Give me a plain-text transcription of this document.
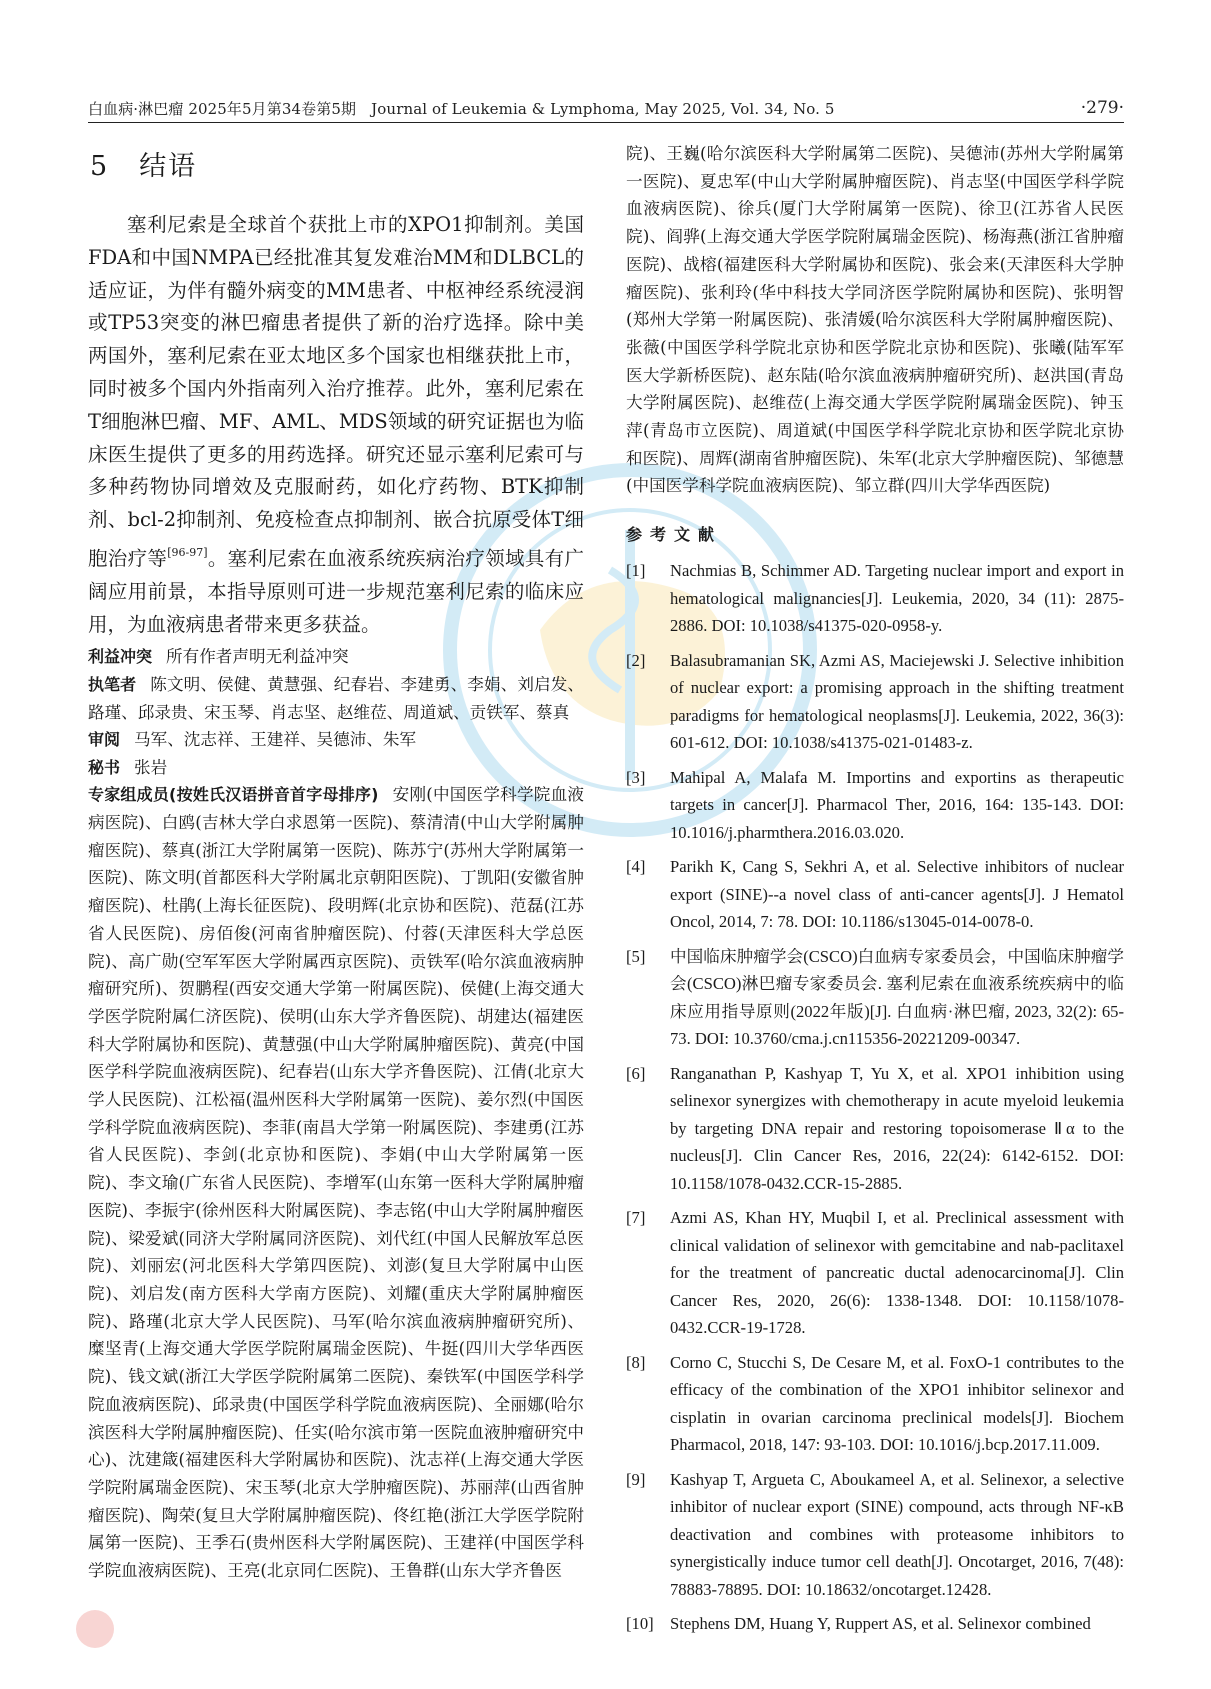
白血病·淋巴瘤 2025年5月第34卷第5期　Journal of Leukemia & Lymphoma, May 2025, Vol. 34, No. 5	·279·
5 结语

塞利尼索是全球首个获批上市的XPO1抑制剂。美国FDA和中国NMPA已经批准其复发难治MM和DLBCL的适应证，为伴有髓外病变的MM患者、中枢神经系统浸润或TP53突变的淋巴瘤患者提供了新的治疗选择。除中美两国外，塞利尼索在亚太地区多个国家也相继获批上市，同时被多个国内外指南列入治疗推荐。此外，塞利尼索在T细胞淋巴瘤、MF、AML、MDS领域的研究证据也为临床医生提供了更多的用药选择。研究还显示塞利尼索可与多种药物协同增效及克服耐药，如化疗药物、BTK抑制剂、bcl-2抑制剂、免疫检查点抑制剂、嵌合抗原受体T细胞治疗等[96-97]。塞利尼索在血液系统疾病治疗领域具有广阔应用前景，本指导原则可进一步规范塞利尼索的临床应用，为血液病患者带来更多获益。

利益冲突 所有作者声明无利益冲突

执笔者 陈文明、侯健、黄慧强、纪春岩、李建勇、李娟、刘启发、路瑾、邱录贵、宋玉琴、肖志坚、赵维莅、周道斌、贡铁军、蔡真

审阅 马军、沈志祥、王建祥、吴德沛、朱军

秘书 张岩

专家组成员(按姓氏汉语拼音首字母排序) 安刚(中国医学科学院血液病医院)、白鸥(吉林大学白求恩第一医院)、蔡清清(中山大学附属肿瘤医院)、蔡真(浙江大学附属第一医院)、陈苏宁(苏州大学附属第一医院)、陈文明(首都医科大学附属北京朝阳医院)、丁凯阳(安徽省肿瘤医院)、杜鹃(上海长征医院)、段明辉(北京协和医院)、范磊(江苏省人民医院)、房佰俊(河南省肿瘤医院)、付蓉(天津医科大学总医院)、高广勋(空军军医大学附属西京医院)、贡铁军(哈尔滨血液病肿瘤研究所)、贺鹏程(西安交通大学第一附属医院)、侯健(上海交通大学医学院附属仁济医院)、侯明(山东大学齐鲁医院)、胡建达(福建医科大学附属协和医院)、黄慧强(中山大学附属肿瘤医院)、黄亮(中国医学科学院血液病医院)、纪春岩(山东大学齐鲁医院)、江倩(北京大学人民医院)、江松福(温州医科大学附属第一医院)、姜尔烈(中国医学科学院血液病医院)、李菲(南昌大学第一附属医院)、李建勇(江苏省人民医院)、李剑(北京协和医院)、李娟(中山大学附属第一医院)、李文瑜(广东省人民医院)、李增军(山东第一医科大学附属肿瘤医院)、李振宇(徐州医科大附属医院)、李志铭(中山大学附属肿瘤医院)、梁爱斌(同济大学附属同济医院)、刘代红(中国人民解放军总医院)、刘丽宏(河北医科大学第四医院)、刘澎(复旦大学附属中山医院)、刘启发(南方医科大学南方医院)、刘耀(重庆大学附属肿瘤医院)、路瑾(北京大学人民医院)、马军(哈尔滨血液病肿瘤研究所)、糜坚青(上海交通大学医学院附属瑞金医院)、牛挺(四川大学华西医院)、钱文斌(浙江大学医学院附属第二医院)、秦铁军(中国医学科学院血液病医院)、邱录贵(中国医学科学院血液病医院)、全丽娜(哈尔滨医科大学附属肿瘤医院)、任实(哈尔滨市第一医院血液肿瘤研究中心)、沈建箴(福建医科大学附属协和医院)、沈志祥(上海交通大学医学院附属瑞金医院)、宋玉琴(北京大学肿瘤医院)、苏丽萍(山西省肿瘤医院)、陶荣(复旦大学附属肿瘤医院)、佟红艳(浙江大学医学院附属第一医院)、王季石(贵州医科大学附属医院)、王建祥(中国医学科学院血液病医院)、王亮(北京同仁医院)、王鲁群(山东大学齐鲁医

院)、王巍(哈尔滨医科大学附属第二医院)、吴德沛(苏州大学附属第一医院)、夏忠军(中山大学附属肿瘤医院)、肖志坚(中国医学科学院血液病医院)、徐兵(厦门大学附属第一医院)、徐卫(江苏省人民医院)、阎骅(上海交通大学医学院附属瑞金医院)、杨海燕(浙江省肿瘤医院)、战榕(福建医科大学附属协和医院)、张会来(天津医科大学肿瘤医院)、张利玲(华中科技大学同济医学院附属协和医院)、张明智(郑州大学第一附属医院)、张清媛(哈尔滨医科大学附属肿瘤医院)、张薇(中国医学科学院北京协和医学院北京协和医院)、张曦(陆军军医大学新桥医院)、赵东陆(哈尔滨血液病肿瘤研究所)、赵洪国(青岛大学附属医院)、赵维莅(上海交通大学医学院附属瑞金医院)、钟玉萍(青岛市立医院)、周道斌(中国医学科学院北京协和医学院北京协和医院)、周辉(湖南省肿瘤医院)、朱军(北京大学肿瘤医院)、邹德慧(中国医学科学院血液病医院)、邹立群(四川大学华西医院)

参考文献
[1] Nachmias B, Schimmer AD. Targeting nuclear import and export in hematological malignancies[J]. Leukemia, 2020, 34 (11): 2875-2886. DOI: 10.1038/s41375-020-0958-y.
[2] Balasubramanian SK, Azmi AS, Maciejewski J. Selective inhibition of nuclear export: a promising approach in the shifting treatment paradigms for hematological neoplasms[J]. Leukemia, 2022, 36(3): 601-612. DOI: 10.1038/s41375-021-01483-z.
[3] Mahipal A, Malafa M. Importins and exportins as therapeutic targets in cancer[J]. Pharmacol Ther, 2016, 164: 135-143. DOI: 10.1016/j.pharmthera.2016.03.020.
[4] Parikh K, Cang S, Sekhri A, et al. Selective inhibitors of nuclear export (SINE)--a novel class of anti-cancer agents[J]. J Hematol Oncol, 2014, 7: 78. DOI: 10.1186/s13045-014-0078-0.
[5] 中国临床肿瘤学会(CSCO)白血病专家委员会，中国临床肿瘤学会(CSCO)淋巴瘤专家委员会. 塞利尼索在血液系统疾病中的临床应用指导原则(2022年版)[J]. 白血病·淋巴瘤, 2023, 32(2): 65-73. DOI: 10.3760/cma.j.cn115356-20221209-00347.
[6] Ranganathan P, Kashyap T, Yu X, et al. XPO1 inhibition using selinexor synergizes with chemotherapy in acute myeloid leukemia by targeting DNA repair and restoring topoisomerase Ⅱα to the nucleus[J]. Clin Cancer Res, 2016, 22(24): 6142-6152. DOI: 10.1158/1078-0432.CCR-15-2885.
[7] Azmi AS, Khan HY, Muqbil I, et al. Preclinical assessment with clinical validation of selinexor with gemcitabine and nab-paclitaxel for the treatment of pancreatic ductal adenocarcinoma[J]. Clin Cancer Res, 2020, 26(6): 1338-1348. DOI: 10.1158/1078-0432.CCR-19-1728.
[8] Corno C, Stucchi S, De Cesare M, et al. FoxO-1 contributes to the efficacy of the combination of the XPO1 inhibitor selinexor and cisplatin in ovarian carcinoma preclinical models[J]. Biochem Pharmacol, 2018, 147: 93-103. DOI: 10.1016/j.bcp.2017.11.009.
[9] Kashyap T, Argueta C, Aboukameel A, et al. Selinexor, a selective inhibitor of nuclear export (SINE) compound, acts through NF-κB deactivation and combines with proteasome inhibitors to synergistically induce tumor cell death[J]. Oncotarget, 2016, 7(48): 78883-78895. DOI: 10.18632/oncotarget.12428.
[10] Stephens DM, Huang Y, Ruppert AS, et al. Selinexor combined
